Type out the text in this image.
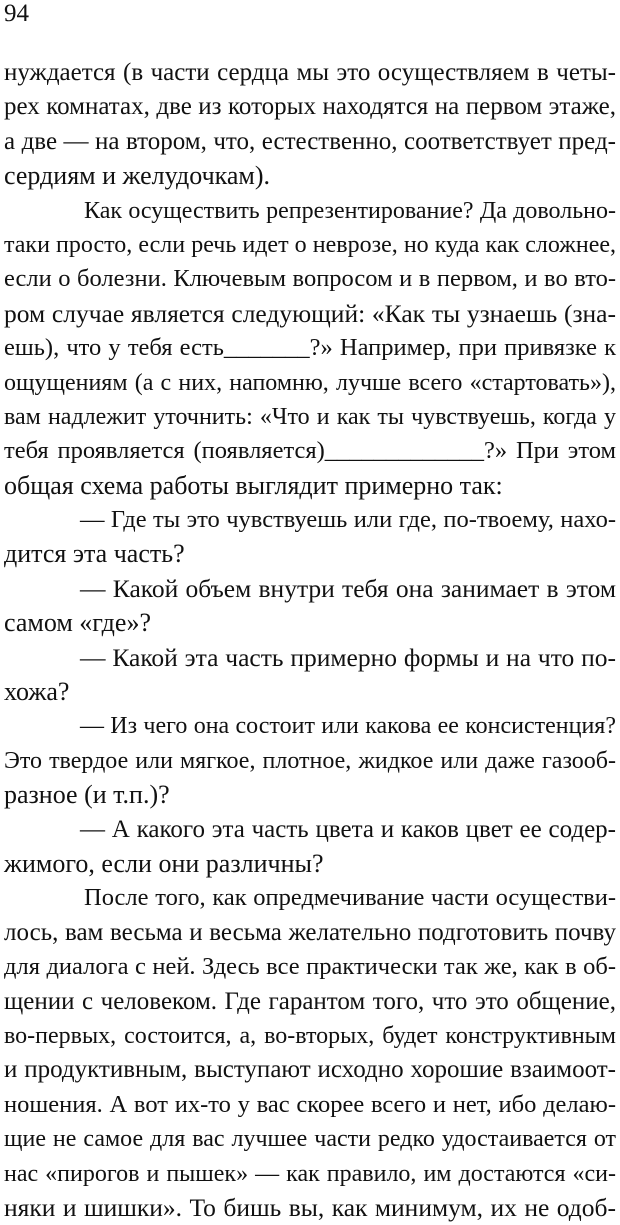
94
нуждается (в части сердца мы это осуществляем в четы-
рех комнатах, две из которых находятся на первом этаже,
а две — на втором, что, естественно, соответствует пред-
сердиям и желудочкам).
Как осуществить репрезентирование? Да довольно-
таки просто, если речь идет о неврозе, но куда как сложнее,
если о болезни. Ключевым вопросом и в первом, и во вто-
ром случае является следующий: «Как ты узнаешь (зна-
ешь), что у тебя есть_______?» Например, при привязке к
ощущениям (а с них, напомню, лучше всего «стартовать»),
вам надлежит уточнить: «Что и как ты чувствуешь, когда у
тебя проявляется (появляется)_____________?» При этом
общая схема работы выглядит примерно так:
— Где ты это чувствуешь или где, по-твоему, нахо-
дится эта часть?
— Какой объем внутри тебя она занимает в этом
самом «где»?
— Какой эта часть примерно формы и на что по-
хожа?
— Из чего она состоит или какова ее консистенция?
Это твердое или мягкое, плотное, жидкое или даже газооб-
разное (и т.п.)?
— А какого эта часть цвета и каков цвет ее содер-
жимого, если они различны?
После того, как опредмечивание части осуществи-
лось, вам весьма и весьма желательно подготовить почву
для диалога с ней. Здесь все практически так же, как в об-
щении с человеком. Где гарантом того, что это общение,
во-первых, состоится, а, во-вторых, будет конструктивным
и продуктивным, выступают исходно хорошие взаимоот-
ношения. А вот их-то у вас скорее всего и нет, ибо делаю-
щие не самое для вас лучшее части редко удостаивается от
нас «пирогов и пышек» — как правило, им достаются «си-
няки и шишки». То бишь вы, как минимум, их не одоб-
